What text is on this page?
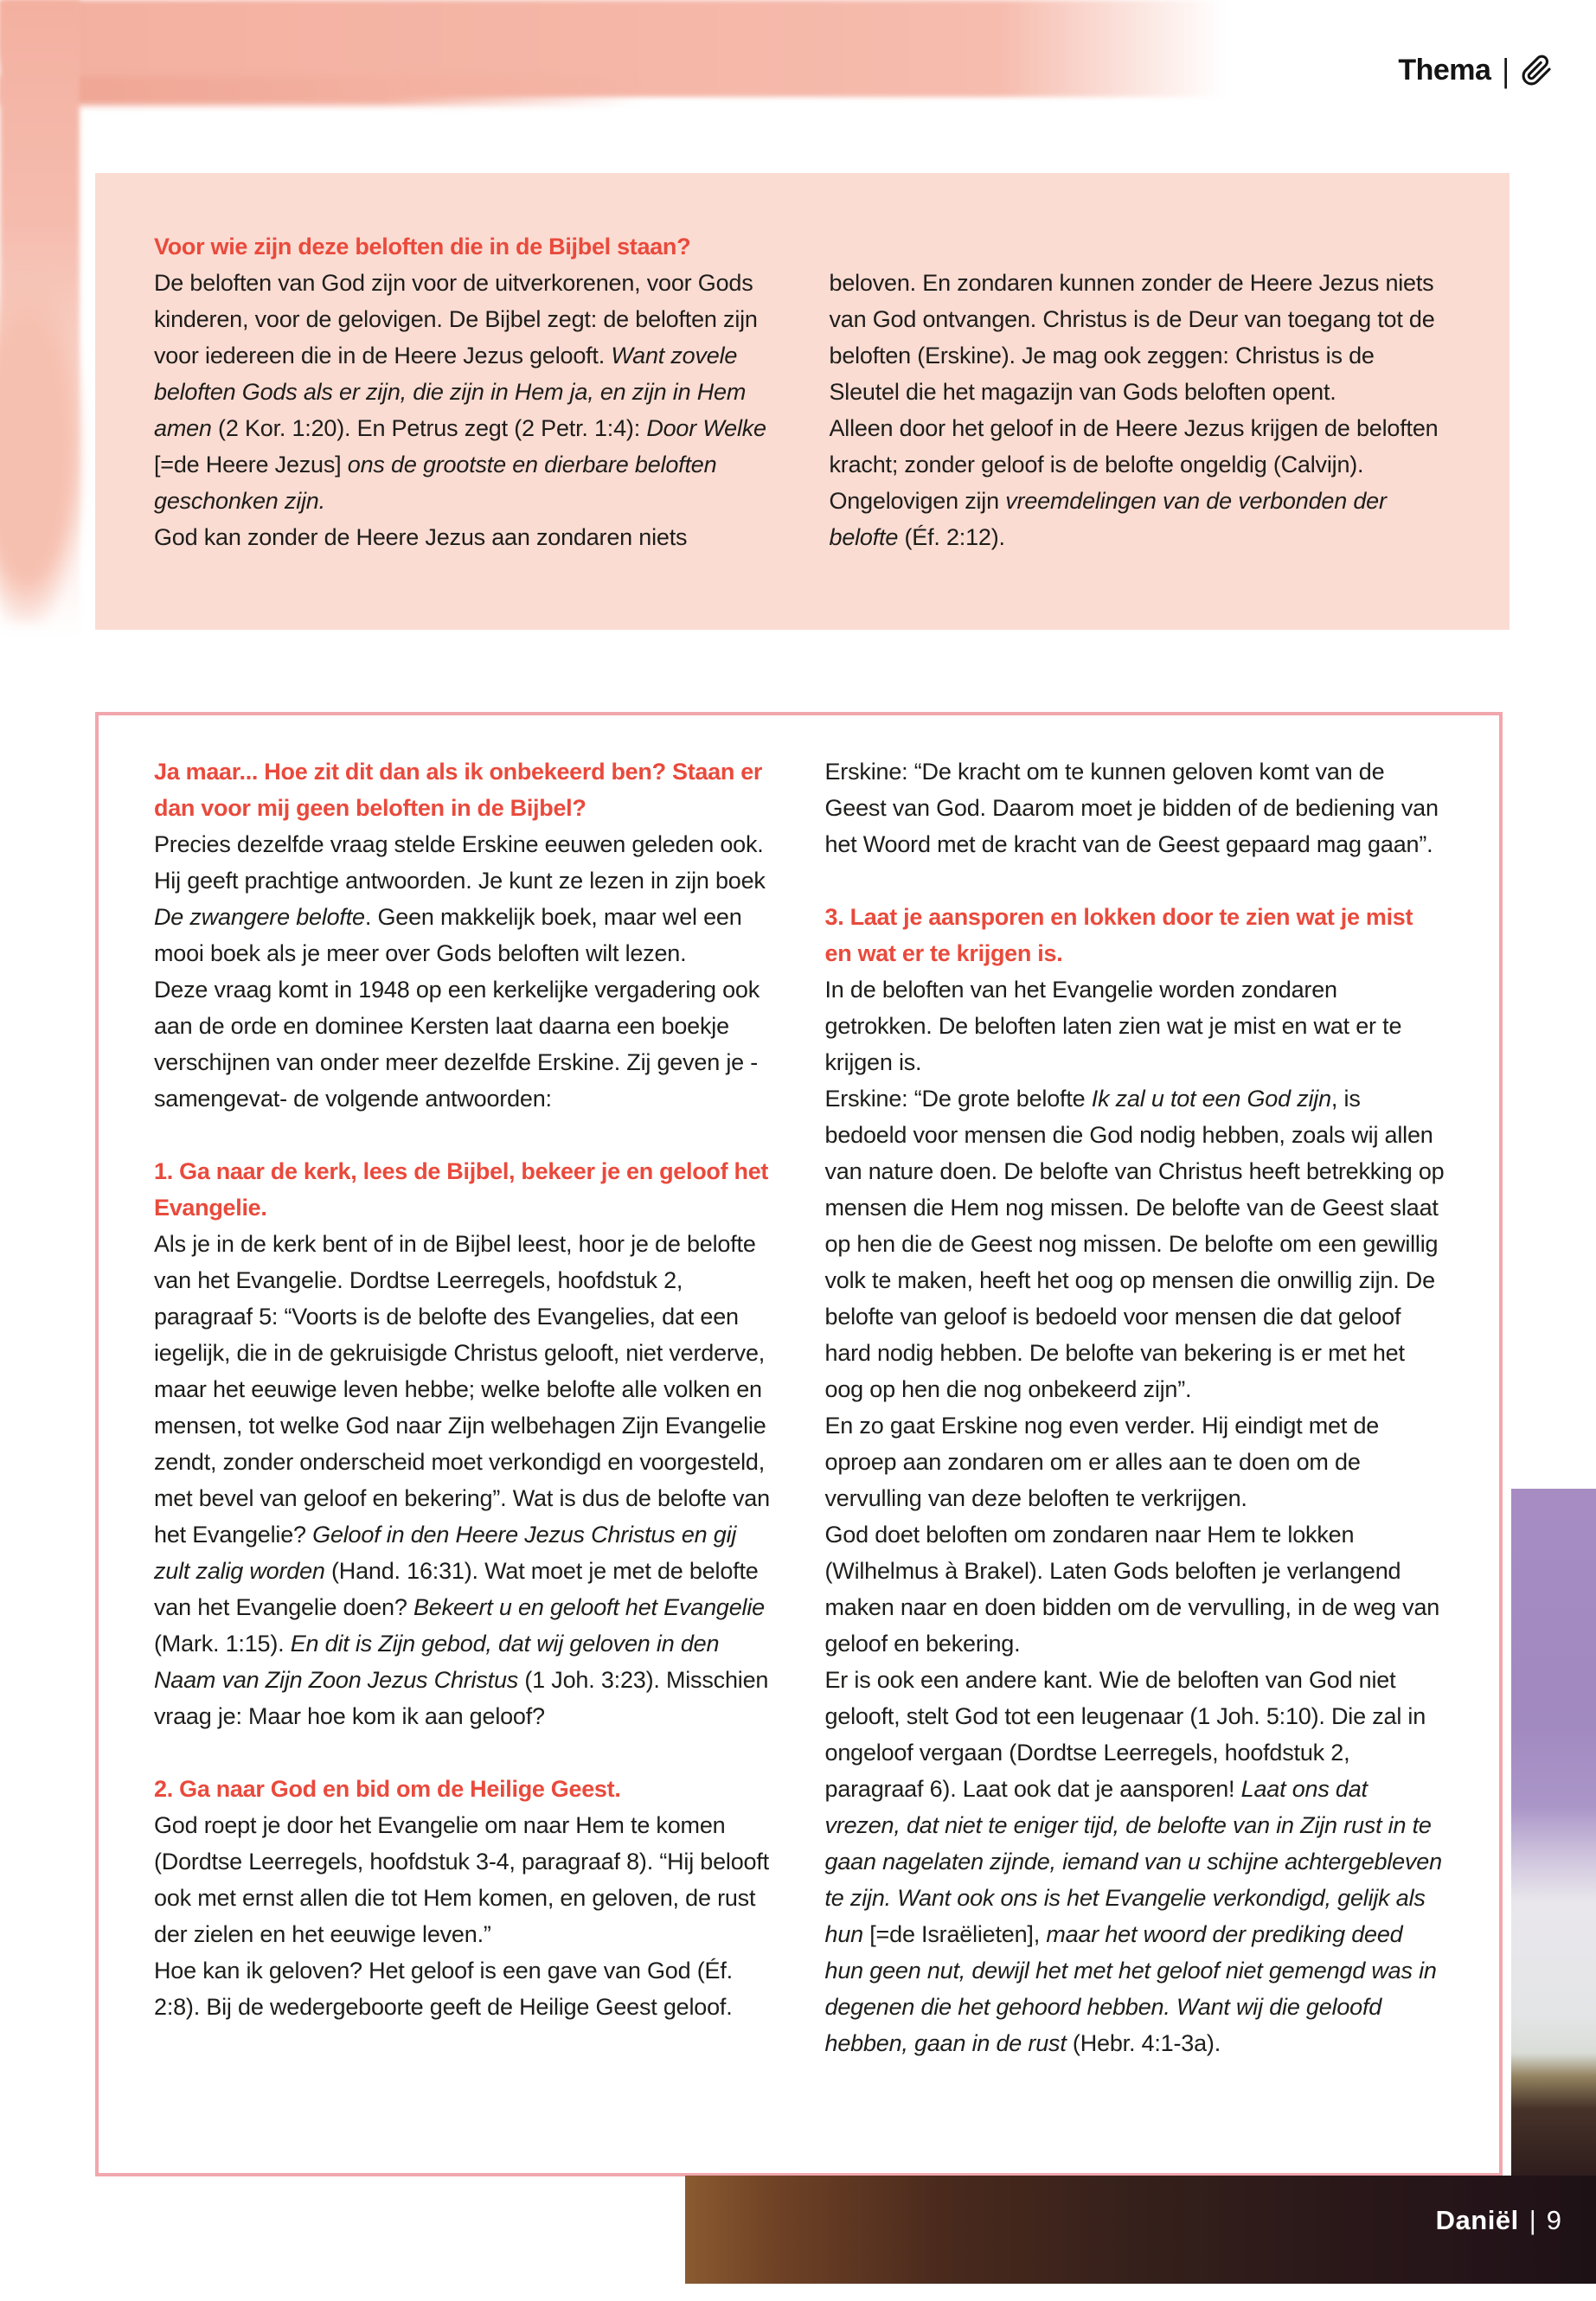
Thema |

Voor wie zijn deze beloften die in de Bijbel staan?

De beloften van God zijn voor de uitverkorenen, voor Gods kinderen, voor de gelovigen. De Bijbel zegt: de beloften zijn voor iedereen die in de Heere Jezus gelooft. Want zovele beloften Gods als er zijn, die zijn in Hem ja, en zijn in Hem amen (2 Kor. 1:20). En Petrus zegt (2 Petr. 1:4): Door Welke [=de Heere Jezus] ons de grootste en dierbare beloften geschonken zijn.

God kan zonder de Heere Jezus aan zondaren niets

beloven. En zondaren kunnen zonder de Heere Jezus niets van God ontvangen. Christus is de Deur van toegang tot de beloften (Erskine). Je mag ook zeggen: Christus is de Sleutel die het magazijn van Gods beloften opent.

Alleen door het geloof in de Heere Jezus krijgen de beloften kracht; zonder geloof is de belofte ongeldig (Calvijn). Ongelovigen zijn vreemdelingen van de verbonden der belofte (Éf. 2:12).

Ja maar... Hoe zit dit dan als ik onbekeerd ben? Staan er dan voor mij geen beloften in de Bijbel?

Precies dezelfde vraag stelde Erskine eeuwen geleden ook. Hij geeft prachtige antwoorden. Je kunt ze lezen in zijn boek De zwangere belofte. Geen makkelijk boek, maar wel een mooi boek als je meer over Gods beloften wilt lezen.

Deze vraag komt in 1948 op een kerkelijke vergadering ook aan de orde en dominee Kersten laat daarna een boekje verschijnen van onder meer dezelfde Erskine. Zij geven je -samengevat- de volgende antwoorden:

1. Ga naar de kerk, lees de Bijbel, bekeer je en geloof het Evangelie.

Als je in de kerk bent of in de Bijbel leest, hoor je de belofte van het Evangelie. Dordtse Leerregels, hoofdstuk 2, paragraaf 5: “Voorts is de belofte des Evangelies, dat een iegelijk, die in de gekruisigde Christus gelooft, niet verderve, maar het eeuwige leven hebbe; welke belofte alle volken en mensen, tot welke God naar Zijn welbehagen Zijn Evangelie zendt, zonder onderscheid moet verkondigd en voorgesteld, met bevel van geloof en bekering”. Wat is dus de belofte van het Evangelie? Geloof in den Heere Jezus Christus en gij zult zalig worden (Hand. 16:31). Wat moet je met de belofte van het Evangelie doen? Bekeert u en gelooft het Evangelie (Mark. 1:15). En dit is Zijn gebod, dat wij geloven in den Naam van Zijn Zoon Jezus Christus (1 Joh. 3:23). Misschien vraag je: Maar hoe kom ik aan geloof?

2. Ga naar God en bid om de Heilige Geest.

God roept je door het Evangelie om naar Hem te komen (Dordtse Leerregels, hoofdstuk 3-4, paragraaf 8). “Hij belooft ook met ernst allen die tot Hem komen, en geloven, de rust der zielen en het eeuwige leven.”

Hoe kan ik geloven? Het geloof is een gave van God (Éf. 2:8). Bij de wedergeboorte geeft de Heilige Geest geloof.

Erskine: “De kracht om te kunnen geloven komt van de Geest van God. Daarom moet je bidden of de bediening van het Woord met de kracht van de Geest gepaard mag gaan”.

3. Laat je aansporen en lokken door te zien wat je mist en wat er te krijgen is.

In de beloften van het Evangelie worden zondaren getrokken. De beloften laten zien wat je mist en wat er te krijgen is.

Erskine: “De grote belofte Ik zal u tot een God zijn, is bedoeld voor mensen die God nodig hebben, zoals wij allen van nature doen. De belofte van Christus heeft betrekking op mensen die Hem nog missen. De belofte van de Geest slaat op hen die de Geest nog missen. De belofte om een gewillig volk te maken, heeft het oog op mensen die onwillig zijn. De belofte van geloof is bedoeld voor mensen die dat geloof hard nodig hebben. De belofte van bekering is er met het oog op hen die nog onbekeerd zijn”.

En zo gaat Erskine nog even verder. Hij eindigt met de oproep aan zondaren om er alles aan te doen om de vervulling van deze beloften te verkrijgen.

God doet beloften om zondaren naar Hem te lokken (Wilhelmus à Brakel). Laten Gods beloften je verlangend maken naar en doen bidden om de vervulling, in de weg van geloof en bekering.

Er is ook een andere kant. Wie de beloften van God niet gelooft, stelt God tot een leugenaar (1 Joh. 5:10). Die zal in ongeloof vergaan (Dordtse Leerregels, hoofdstuk 2, paragraaf 6). Laat ook dat je aansporen! Laat ons dat vrezen, dat niet te eniger tijd, de belofte van in Zijn rust in te gaan nagelaten zijnde, iemand van u schijne achtergebleven te zijn. Want ook ons is het Evangelie verkondigd, gelijk als hun [=de Israëlieten], maar het woord der prediking deed hun geen nut, dewijl het met het geloof niet gemengd was in degenen die het gehoord hebben. Want wij die geloofd hebben, gaan in de rust (Hebr. 4:1-3a).

Daniël | 9
